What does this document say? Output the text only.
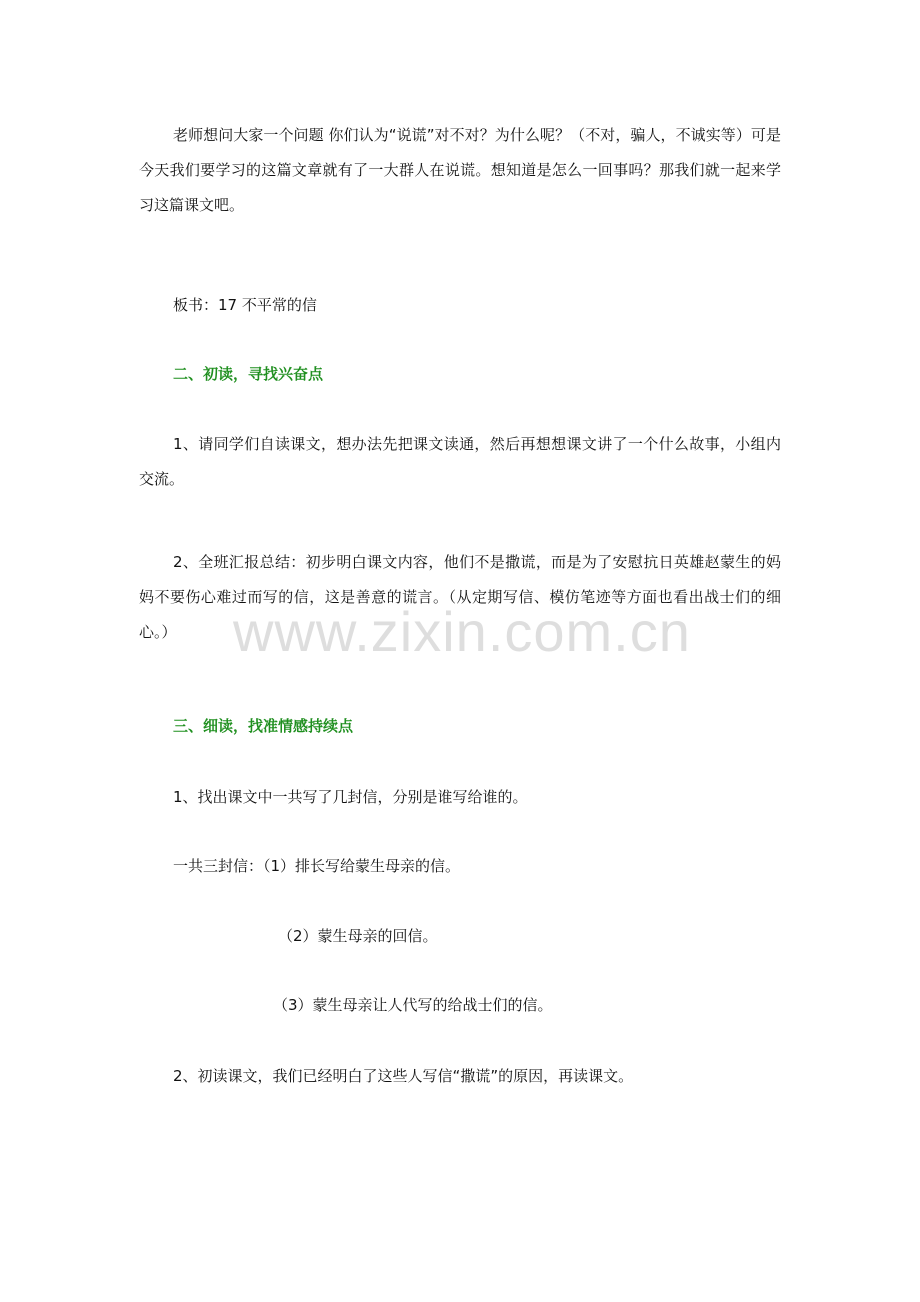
老师想问大家一个问题 你们认为“说谎”对不对？为什么呢？（不对，骗人，不诚实等）可是今天我们要学习的这篇文章就有了一大群人在说谎。想知道是怎么一回事吗？那我们就一起来学习这篇课文吧。

板书：17 不平常的信

二、初读，寻找兴奋点

1、请同学们自读课文，想办法先把课文读通，然后再想想课文讲了一个什么故事，小组内交流。

2、全班汇报总结：初步明白课文内容，他们不是撒谎，而是为了安慰抗日英雄赵蒙生的妈妈不要伤心难过而写的信，这是善意的谎言。（从定期写信、模仿笔迹等方面也看出战士们的细心。）

三、细读，找准情感持续点

1、找出课文中一共写了几封信，分别是谁写给谁的。

一共三封信：（1）排长写给蒙生母亲的信。

（2）蒙生母亲的回信。

（3）蒙生母亲让人代写的给战士们的信。

2、初读课文，我们已经明白了这些人写信“撒谎”的原因，再读课文。

www.zixin.com.cn
